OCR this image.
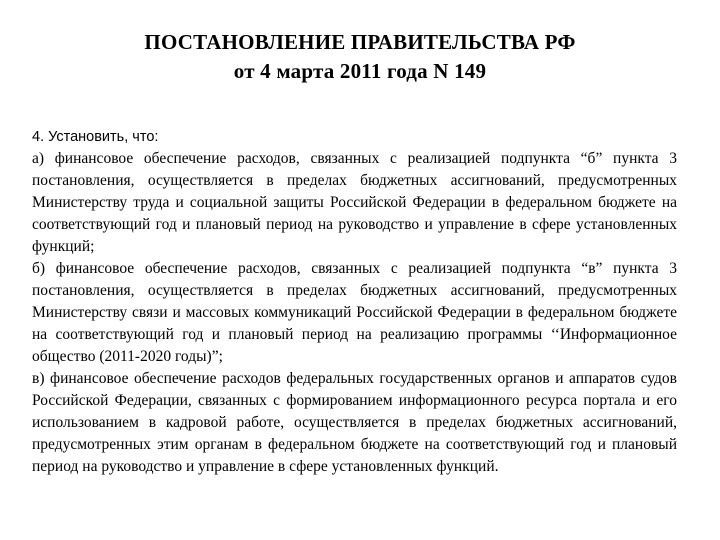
ПОСТАНОВЛЕНИЕ ПРАВИТЕЛЬСТВА РФ
от 4 марта 2011 года N 149
4. Установить, что:
а) финансовое обеспечение расходов, связанных с реализацией подпункта “б” пункта 3 постановления, осуществляется в пределах бюджетных ассигнований, предусмотренных Министерству труда и социальной защиты Российской Федерации в федеральном бюджете на соответствующий год и плановый период на руководство и управление в сфере установленных функций;
б) финансовое обеспечение расходов, связанных с реализацией подпункта “в” пункта 3 постановления, осуществляется в пределах бюджетных ассигнований, предусмотренных Министерству связи и массовых коммуникаций Российской Федерации в федеральном бюджете на соответствующий год и плановый период на реализацию программы ‘‘Информационное общество (2011-2020 годы)”;
в) финансовое обеспечение расходов федеральных государственных органов и аппаратов судов Российской Федерации, связанных с формированием информационного ресурса портала и его использованием в кадровой работе, осуществляется в пределах бюджетных ассигнований, предусмотренных этим органам в федеральном бюджете на соответствующий год и плановый период на руководство и управление в сфере установленных функций.
